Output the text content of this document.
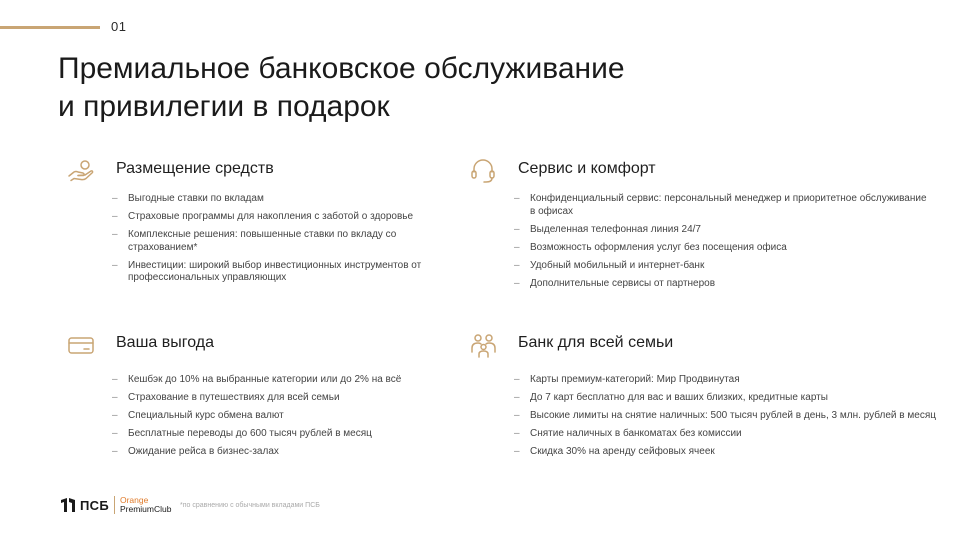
01
Премиальное банковское обслуживание
и привилегии в подарок
Размещение средств
– Выгодные ставки по вкладам
– Страховые программы для накопления с заботой о здоровье
– Комплексные решения: повышенные ставки по вкладу со страхованием*
– Инвестиции: широкий выбор инвестиционных инструментов от профессиональных управляющих
Сервис и комфорт
– Конфиденциальный сервис: персональный менеджер и приоритетное обслуживание в офисах
– Выделенная телефонная линия 24/7
– Возможность оформления услуг без посещения офиса
– Удобный мобильный и интернет-банк
– Дополнительные сервисы от партнеров
Ваша выгода
– Кешбэк до 10% на выбранные категории или до 2% на всё
– Страхование в путешествиях для всей семьи
– Специальный курс обмена валют
– Бесплатные переводы до 600 тысяч рублей в месяц
– Ожидание рейса в бизнес-залах
Банк для всей семьи
– Карты премиум-категорий: Мир Продвинутая
– До 7 карт бесплатно для вас и ваших близких, кредитные карты
– Высокие лимиты на снятие наличных: 500 тысяч рублей в день, 3 млн. рублей в месяц
– Снятие наличных в банкоматах без комиссии
– Скидка 30% на аренду сейфовых ячеек
ПСБ Orange
PremiumClub *по сравнению с обычными вкладами ПСБ
